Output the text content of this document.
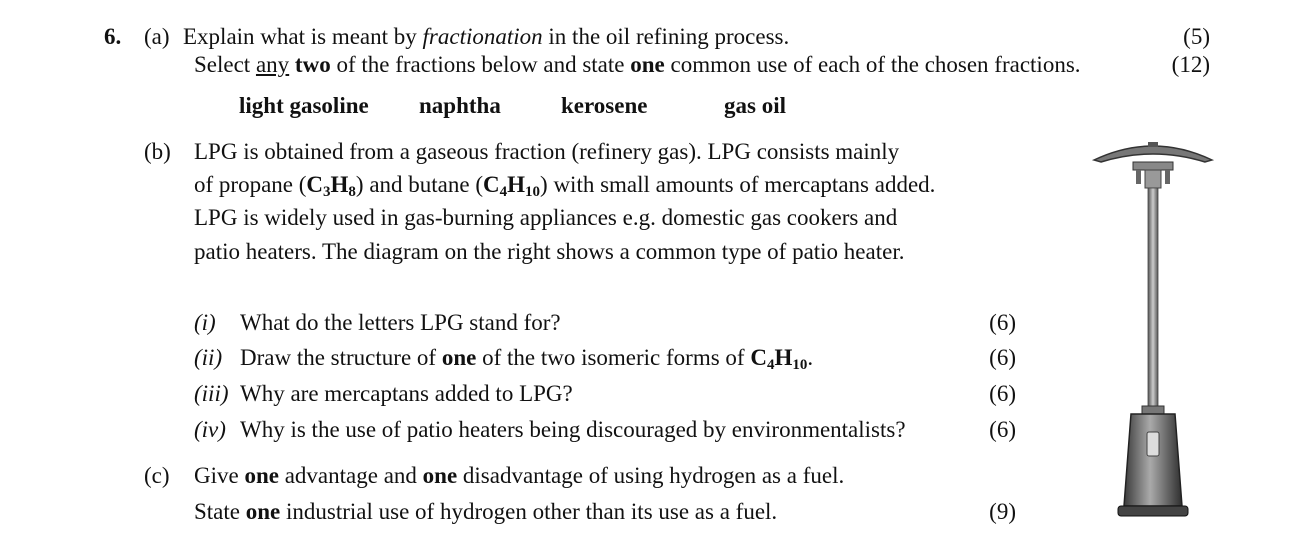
6. (a) Explain what is meant by fractionation in the oil refining process.	(5)
Select any two of the fractions below and state one common use of each of the chosen fractions.	(12)
light gasoline naphtha	kerosene	gas oil
(b) LPG is obtained from a gaseous fraction (refinery gas). LPG consists mainly
of propane $(C_3H_8)$ and butane $(C_4H_{10})$ with small amounts of mercaptans added.
LPG is widely used in gas-burning appliances e.g. domestic gas cookers and
patio heaters. The diagram on the right shows a common type of patio heater.
(i) What do the letters LPG stand for?	(6)
(ii) Draw the structure of one of the two isomeric forms of $C_4H_{10}$.	(6)
(iii) Why are mercaptans added to LPG?	(6)
(iv) Why is the use of patio heaters being discouraged by environmentalists?	(6)
(c) Give one advantage and one disadvantage of using hydrogen as a fuel.
State one industrial use of hydrogen other than its use as a fuel.	(9)
